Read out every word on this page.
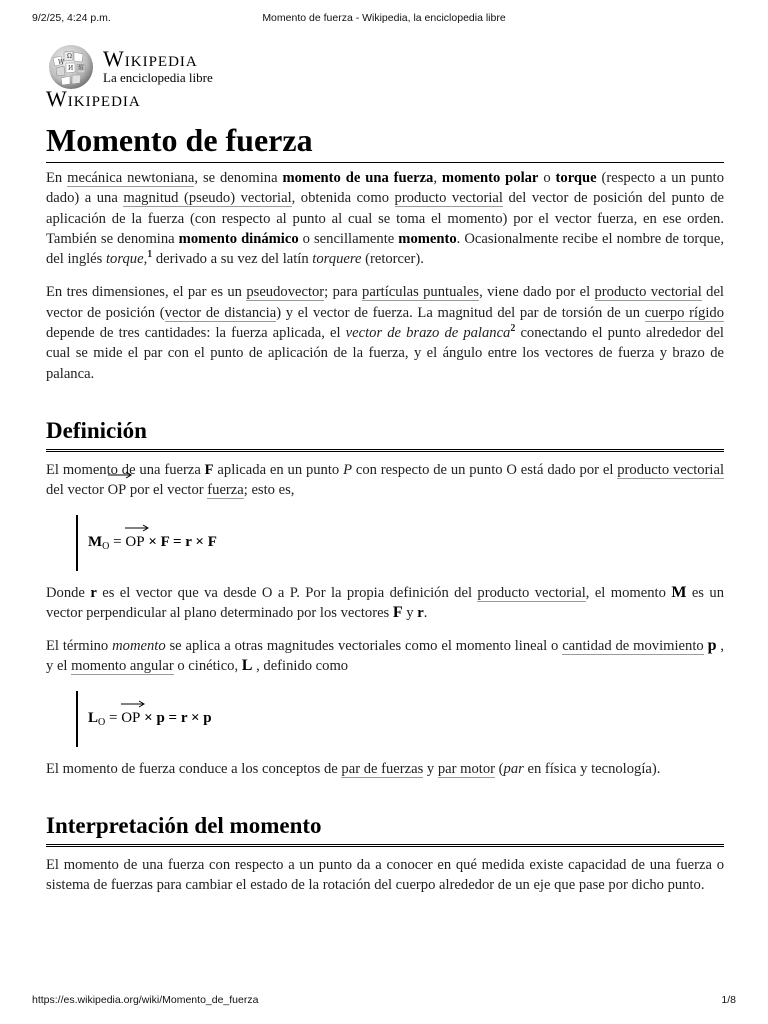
9/2/25, 4:24 p.m.	Momento de fuerza - Wikipedia, la enciclopedia libre
W
Ω
И 維 Wikipedia
La enciclopedia libre
Wikipedia
Momento de fuerza

En mecánica newtoniana, se denomina momento de una fuerza, momento polar o torque (respecto a un punto dado) a una magnitud (pseudo) vectorial, obtenida como producto vectorial del vector de posición del punto de aplicación de la fuerza (con respecto al punto al cual se toma el momento) por el vector fuerza, en ese orden. También se denomina momento dinámico o sencillamente momento. Ocasionalmente recibe el nombre de torque, del inglés torque,$^1$ derivado a su vez del latín torquere (retorcer).

En tres dimensiones, el par es un pseudovector; para partículas puntuales, viene dado por el producto vectorial del vector de posición (vector de distancia) y el vector de fuerza. La magnitud del par de torsión de un cuerpo rígido depende de tres cantidades: la fuerza aplicada, el vector de brazo de palanca$^2$ conectando el punto alrededor del cual se mide el par con el punto de aplicación de la fuerza, y el ángulo entre los vectores de fuerza y brazo de palanca.

Definición

El momento de una fuerza F aplicada en un punto P con respecto de un punto O está dado por el producto vectorial del vector
OP por el vector fuerza; esto es,

$M_O$ =
OP × F = r × F

Donde r es el vector que va desde O a P. Por la propia definición del producto vectorial, el momento M es un vector perpendicular al plano determinado por los vectores F y r.

El término momento se aplica a otras magnitudes vectoriales como el momento lineal o cantidad de movimiento p , y el momento angular o cinético, L , definido como

$L_O$ =
OP × p = r × p

El momento de fuerza conduce a los conceptos de par de fuerzas y par motor (par en física y tecnología).

Interpretación del momento

El momento de una fuerza con respecto a un punto da a conocer en qué medida existe capacidad de una fuerza o sistema de fuerzas para cambiar el estado de la rotación del cuerpo alrededor de un eje que pase por dicho punto.

https://es.wikipedia.org/wiki/Momento_de_fuerza	1/8
